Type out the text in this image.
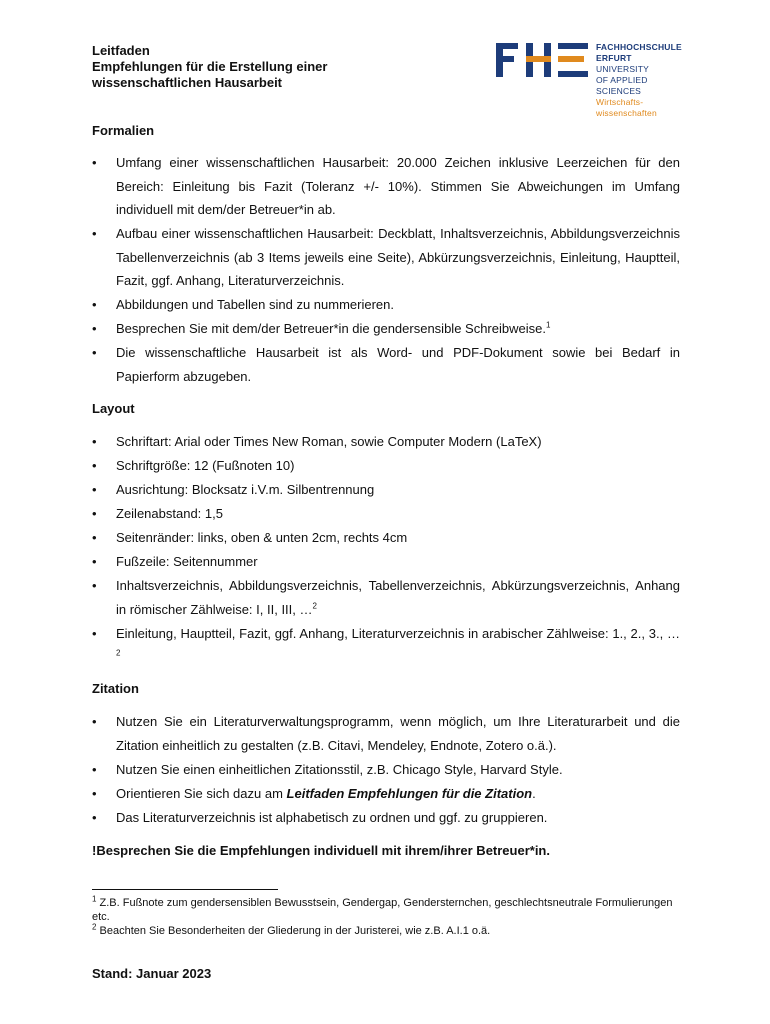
Leitfaden
Empfehlungen für die Erstellung einer
wissenschaftlichen Hausarbeit
FACHHOCHSCHULE
ERFURT UNIVERSITY
OF APPLIED SCIENCES
Wirtschafts-
wissenschaften
Formalien
• Umfang einer wissenschaftlichen Hausarbeit: 20.000 Zeichen inklusive Leerzeichen für den Bereich: Einleitung bis Fazit (Toleranz +/- 10%). Stimmen Sie Abweichungen im Umfang individuell mit dem/der Betreuer*in ab.
• Aufbau einer wissenschaftlichen Hausarbeit: Deckblatt, Inhaltsverzeichnis, Abbildungsverzeichnis Tabellenverzeichnis (ab 3 Items jeweils eine Seite), Abkürzungsverzeichnis, Einleitung, Hauptteil, Fazit, ggf. Anhang, Literaturverzeichnis.
• Abbildungen und Tabellen sind zu nummerieren.
• Besprechen Sie mit dem/der Betreuer*in die gendersensible Schreibweise.$^1$
• Die wissenschaftliche Hausarbeit ist als Word- und PDF-Dokument sowie bei Bedarf in Papierform abzugeben.
Layout
• Schriftart: Arial oder Times New Roman, sowie Computer Modern (LaTeX)
• Schriftgröße: 12 (Fußnoten 10)
• Ausrichtung: Blocksatz i.V.m. Silbentrennung
• Zeilenabstand: 1,5
• Seitenränder: links, oben & unten 2cm, rechts 4cm
• Fußzeile: Seitennummer
• Inhaltsverzeichnis, Abbildungsverzeichnis, Tabellenverzeichnis, Abkürzungsverzeichnis, Anhang in römischer Zählweise: I, II, III, …$^2$
• Einleitung, Hauptteil, Fazit, ggf. Anhang, Literaturverzeichnis in arabischer Zählweise: 1., 2., 3., …$^2$
Zitation
• Nutzen Sie ein Literaturverwaltungsprogramm, wenn möglich, um Ihre Literaturarbeit und die Zitation einheitlich zu gestalten (z.B. Citavi, Mendeley, Endnote, Zotero o.ä.).
• Nutzen Sie einen einheitlichen Zitationsstil, z.B. Chicago Style, Harvard Style.
• Orientieren Sie sich dazu am Leitfaden Empfehlungen für die Zitation.
• Das Literaturverzeichnis ist alphabetisch zu ordnen und ggf. zu gruppieren.
!Besprechen Sie die Empfehlungen individuell mit ihrem/ihrer Betreuer*in.
$^1$ Z.B. Fußnote zum gendersensiblen Bewusstsein, Gendergap, Gendersternchen, geschlechtsneutrale Formulierungen etc.
$^2$ Beachten Sie Besonderheiten der Gliederung in der Juristerei, wie z.B. A.I.1 o.ä.
Stand: Januar 2023
